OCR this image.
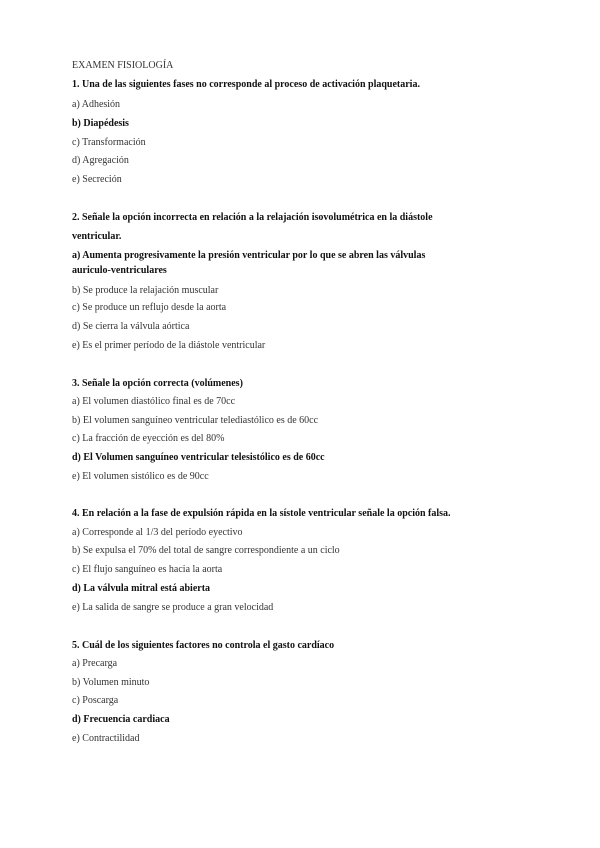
EXAMEN FISIOLOGÍA
1. Una de las siguientes fases no corresponde al proceso de activación plaquetaria.
a) Adhesión
b) Diapédesis
c) Transformación
d) Agregación
e) Secreción
2. Señale la opción incorrecta en relación a la relajación isovolumétrica en la diástole
ventricular.
a) Aumenta progresivamente la presión ventricular por lo que se abren las válvulas
auriculo-ventriculares
b) Se produce la relajación muscular
c) Se produce un reflujo desde la aorta
d) Se cierra la válvula aórtica
e) Es el primer período de la diástole ventricular
3. Señale la opción correcta (volúmenes)
a) El volumen diastólico final es de 70cc
b) El volumen sanguíneo ventricular telediastólico es de 60cc
c) La fracción de eyección es del 80%
d) El Volumen sanguíneo ventricular telesistólico es de 60cc
e) El volumen sistólico es de 90cc
4. En relación a la fase de expulsión rápida en la sístole ventricular señale la opción falsa.
a) Corresponde al 1/3 del período eyectivo
b) Se expulsa el 70% del total de sangre correspondiente a un ciclo
c) El flujo sanguíneo es hacia la aorta
d) La válvula mitral está abierta
e) La salida de sangre se produce a gran velocidad
5. Cuál de los siguientes factores no controla el gasto cardíaco
a) Precarga
b) Volumen minuto
c) Poscarga
d) Frecuencia cardiaca
e) Contractilidad
